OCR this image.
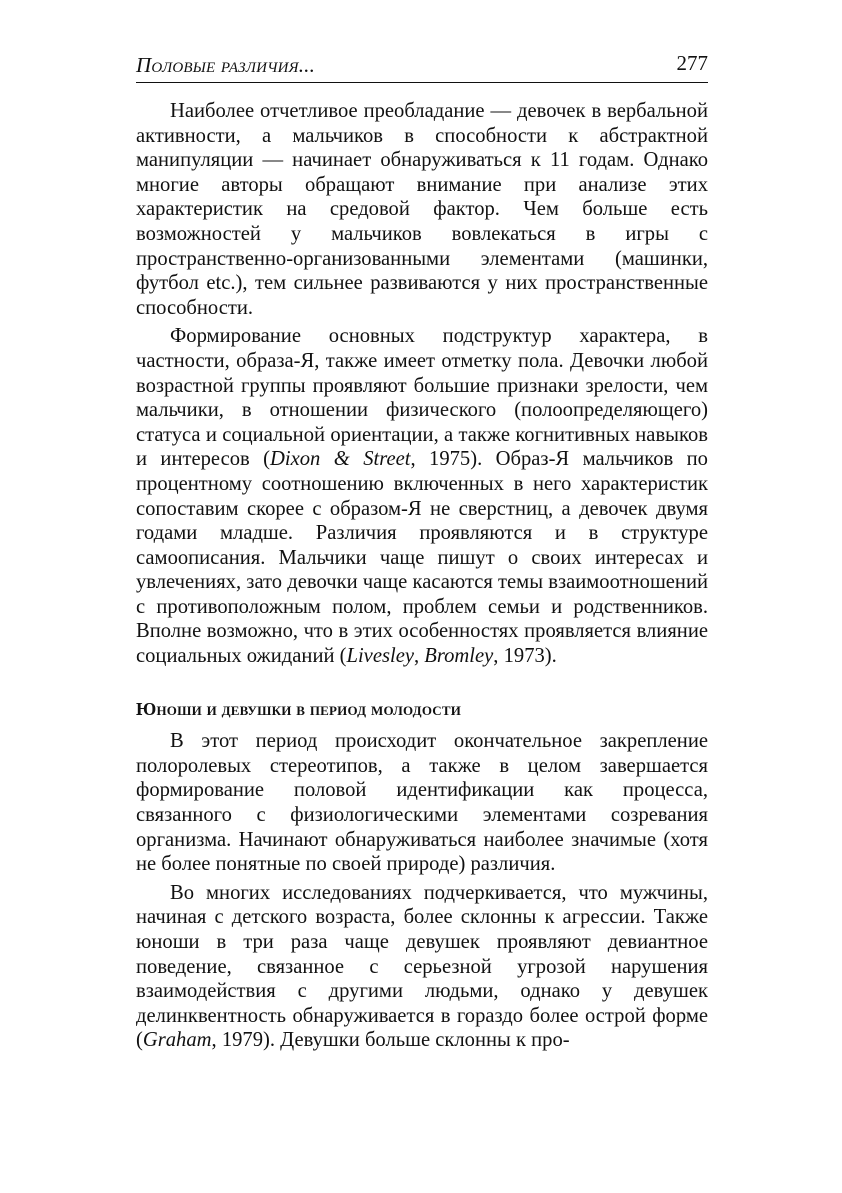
Половые различия...	277

Наиболее отчетливое преобладание — девочек в вербальной активности, а мальчиков в способности к абстрактной манипуляции — начинает обнаруживаться к 11 годам. Однако многие авторы обращают внимание при анализе этих характеристик на средовой фактор. Чем больше есть возможностей у мальчиков вовлекаться в игры с пространственно-организованными элементами (машинки, футбол etc.), тем сильнее развиваются у них пространственные способности.

Формирование основных подструктур характера, в частности, образа-Я, также имеет отметку пола. Девочки любой возрастной группы проявляют большие признаки зрелости, чем мальчики, в отношении физического (полоопределяющего) статуса и социальной ориентации, а также когнитивных навыков и интересов (Dixon & Street, 1975). Образ-Я мальчиков по процентному соотношению включенных в него характеристик сопоставим скорее с образом-Я не сверстниц, а девочек двумя годами младше. Различия проявляются и в структуре самоописания. Мальчики чаще пишут о своих интересах и увлечениях, зато девочки чаще касаются темы взаимоотношений с противоположным полом, проблем семьи и родственников. Вполне возможно, что в этих особенностях проявляется влияние социальных ожиданий (Livesley, Bromley, 1973).

Юноши и девушки в период молодости

В этот период происходит окончательное закрепление полоролевых стереотипов, а также в целом завершается формирование половой идентификации как процесса, связанного с физиологическими элементами созревания организма. Начинают обнаруживаться наиболее значимые (хотя не более понятные по своей природе) различия.

Во многих исследованиях подчеркивается, что мужчины, начиная с детского возраста, более склонны к агрессии. Также юноши в три раза чаще девушек проявляют девиантное поведение, связанное с серьезной угрозой нарушения взаимодействия с другими людьми, однако у девушек делинквентность обнаруживается в гораздо более острой форме (Graham, 1979). Девушки больше склонны к про-
